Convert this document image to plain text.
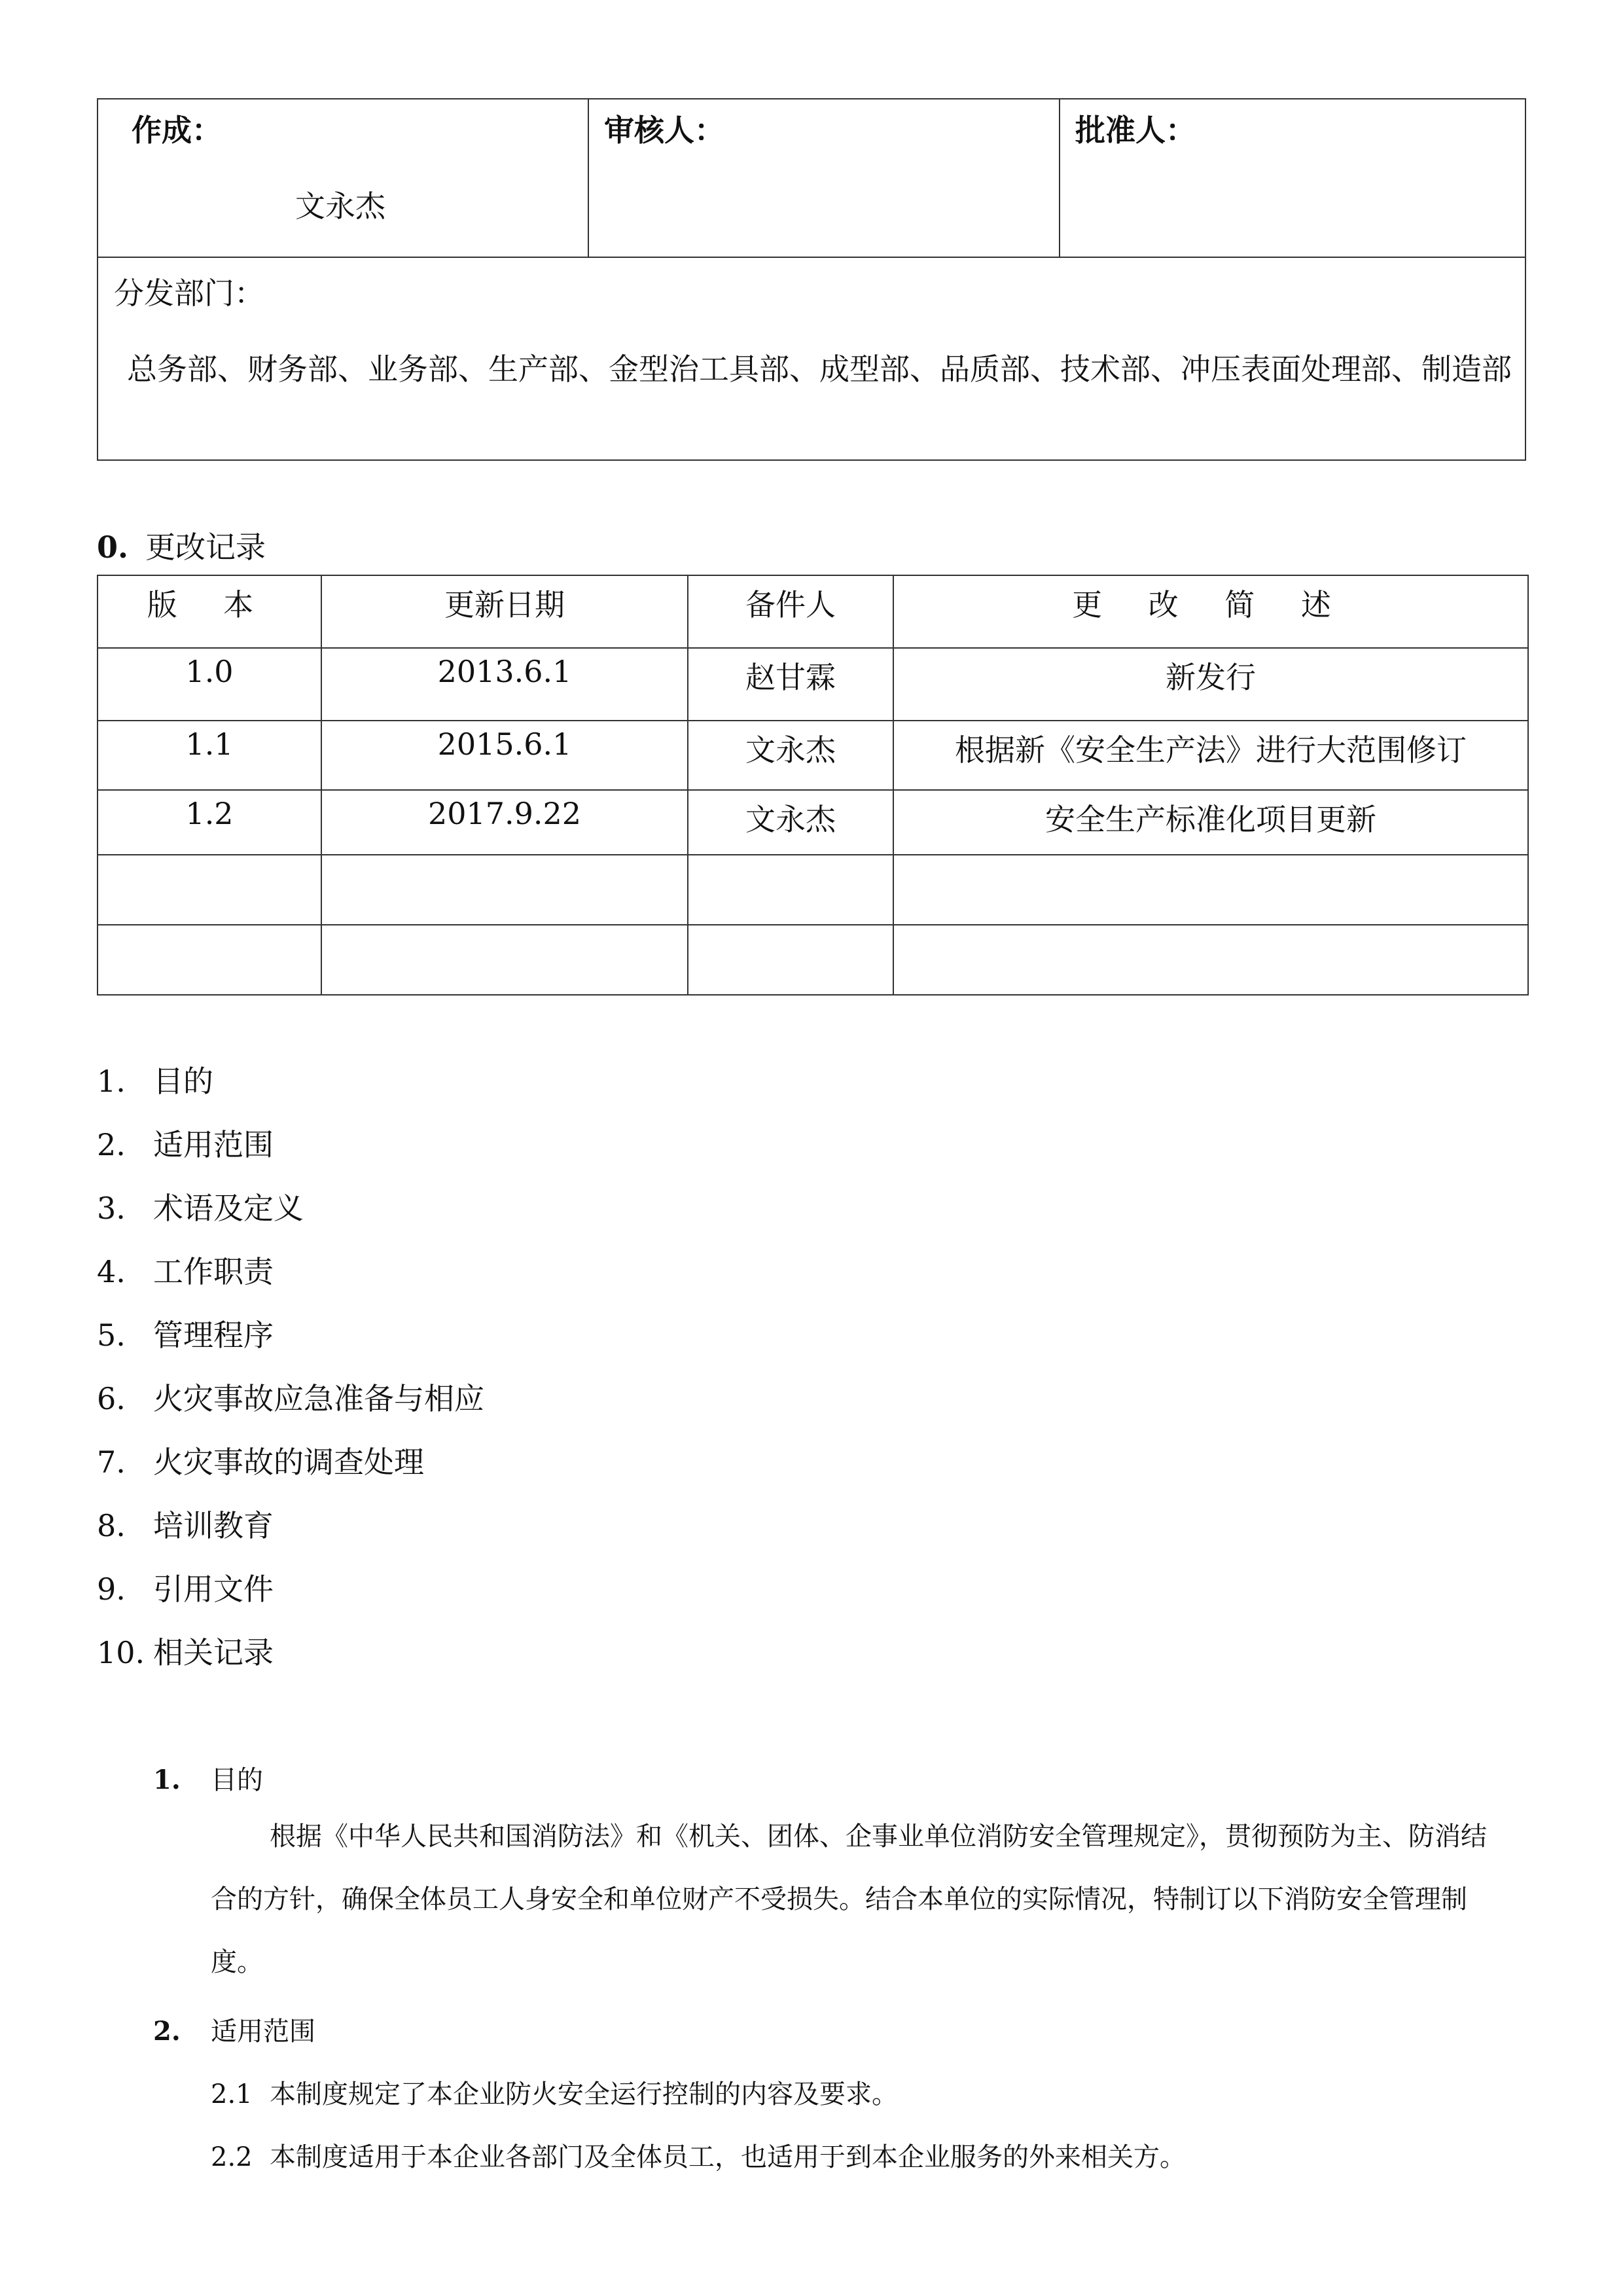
作成：
文永杰

审核人：	批准人：

分发部门：
总务部、财务部、业务部、生产部、金型治工具部、成型部、品质部、技术部、冲压表面处理部、制造部
0. 更改记录
版 本	更新日期	备件人	更 改 简 述
1.0	2013.6.1	赵甘霖	新发行
1.1	2015.6.1	文永杰	根据新《安全生产法》进行大范围修订
1.2	2017.9.22	文永杰	安全生产标准化项目更新

1. 目的
2. 适用范围
3. 术语及定义
4. 工作职责
5. 管理程序
6. 火灾事故应急准备与相应
7. 火灾事故的调查处理
8. 培训教育
9. 引用文件
10. 相关记录
1. 目的

根据《中华人民共和国消防法》和《机关、团体、企事业单位消防安全管理规定》，贯彻预防为主、防消结合的方针，确保全体员工人身安全和单位财产不受损失。结合本单位的实际情况，特制订以下消防安全管理制度。

2. 适用范围
2.1 本制度规定了本企业防火安全运行控制的内容及要求。
2.2 本制度适用于本企业各部门及全体员工，也适用于到本企业服务的外来相关方。
